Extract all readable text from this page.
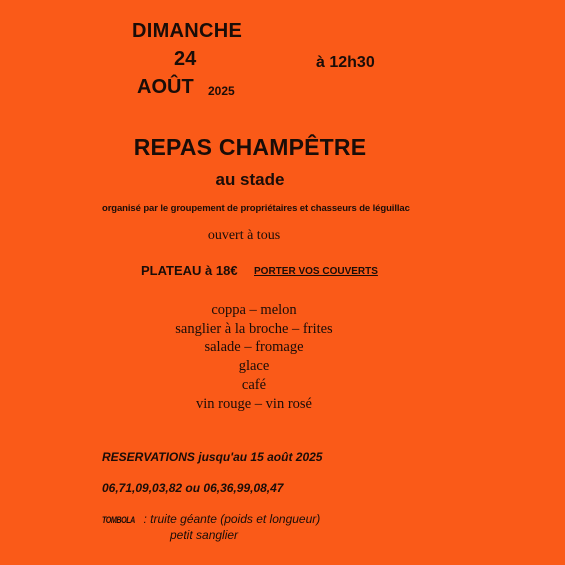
DIMANCHE
24
AOÛT 2025
à 12h30
REPAS CHAMPÊTRE
au stade
organisé par le groupement de propriétaires et chasseurs de léguillac
ouvert à tous
PLATEAU à 18€ PORTER VOS COUVERTS
coppa – melon
sanglier à la broche – frites
salade – fromage
glace
café
vin rouge – vin rosé
RESERVATIONS jusqu'au 15 août 2025
06,71,09,03,82 ou 06,36,99,08,47
TOMBOLA : truite géante (poids et longueur)
petit sanglier
